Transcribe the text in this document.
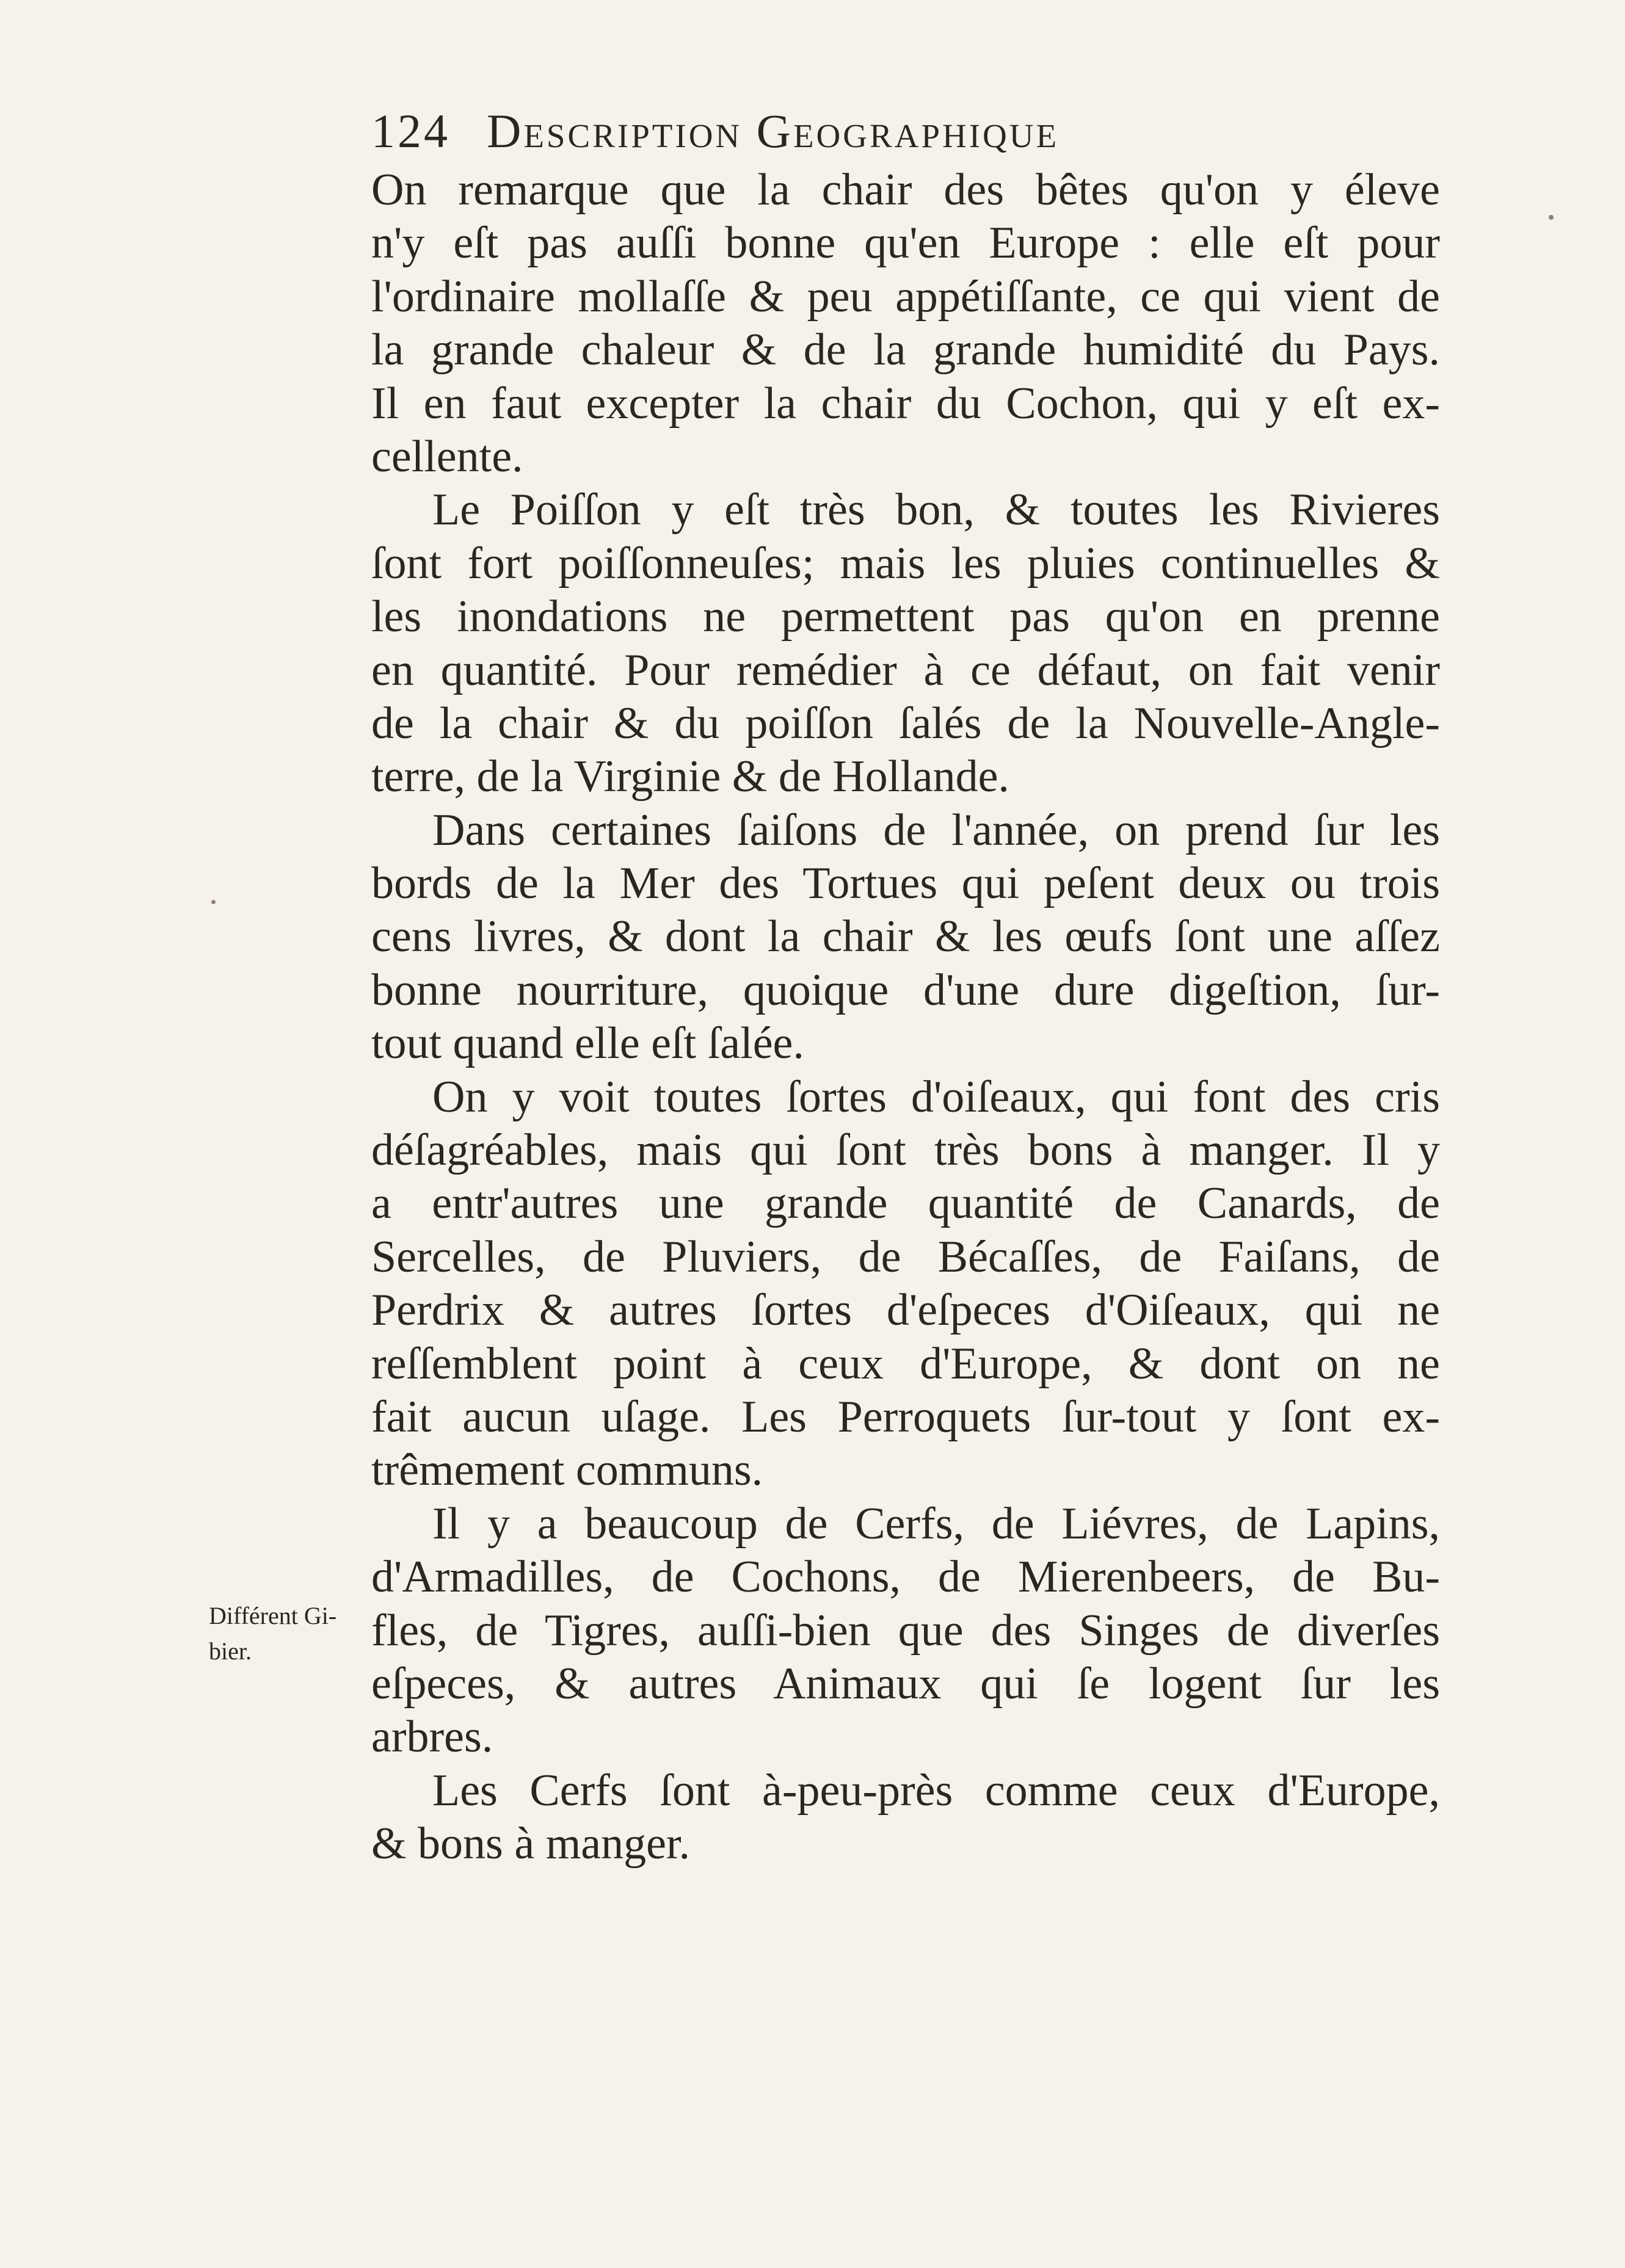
124 Description Geographique
Différent Gi-
bier.
On remarque que la chair des bêtes qu'on y éleve
n'y eſt pas auſſi bonne qu'en Europe : elle eſt pour
l'ordinaire mollaſſe & peu appétiſſante, ce qui vient de
la grande chaleur & de la grande humidité du Pays.
Il en faut excepter la chair du Cochon, qui y eſt ex-
cellente.
Le Poiſſon y eſt très bon, & toutes les Rivieres
ſont fort poiſſonneuſes; mais les pluies continuelles &
les inondations ne permettent pas qu'on en prenne
en quantité. Pour remédier à ce défaut, on fait venir
de la chair & du poiſſon ſalés de la Nouvelle-Angle-
terre, de la Virginie & de Hollande.
Dans certaines ſaiſons de l'année, on prend ſur les
bords de la Mer des Tortues qui peſent deux ou trois
cens livres, & dont la chair & les œufs ſont une aſſez
bonne nourriture, quoique d'une dure digeſtion, ſur-
tout quand elle eſt ſalée.
On y voit toutes ſortes d'oiſeaux, qui font des cris
déſagréables, mais qui ſont très bons à manger. Il y
a entr'autres une grande quantité de Canards, de
Sercelles, de Pluviers, de Bécaſſes, de Faiſans, de
Perdrix & autres ſortes d'eſpeces d'Oiſeaux, qui ne
reſſemblent point à ceux d'Europe, & dont on ne
fait aucun uſage. Les Perroquets ſur-tout y ſont ex-
trêmement communs.
Il y a beaucoup de Cerfs, de Liévres, de Lapins,
d'Armadilles, de Cochons, de Mierenbeers, de Bu-
fles, de Tigres, auſſi-bien que des Singes de diverſes
eſpeces, & autres Animaux qui ſe logent ſur les
arbres.
Les Cerfs ſont à-peu-près comme ceux d'Europe,
& bons à manger.
